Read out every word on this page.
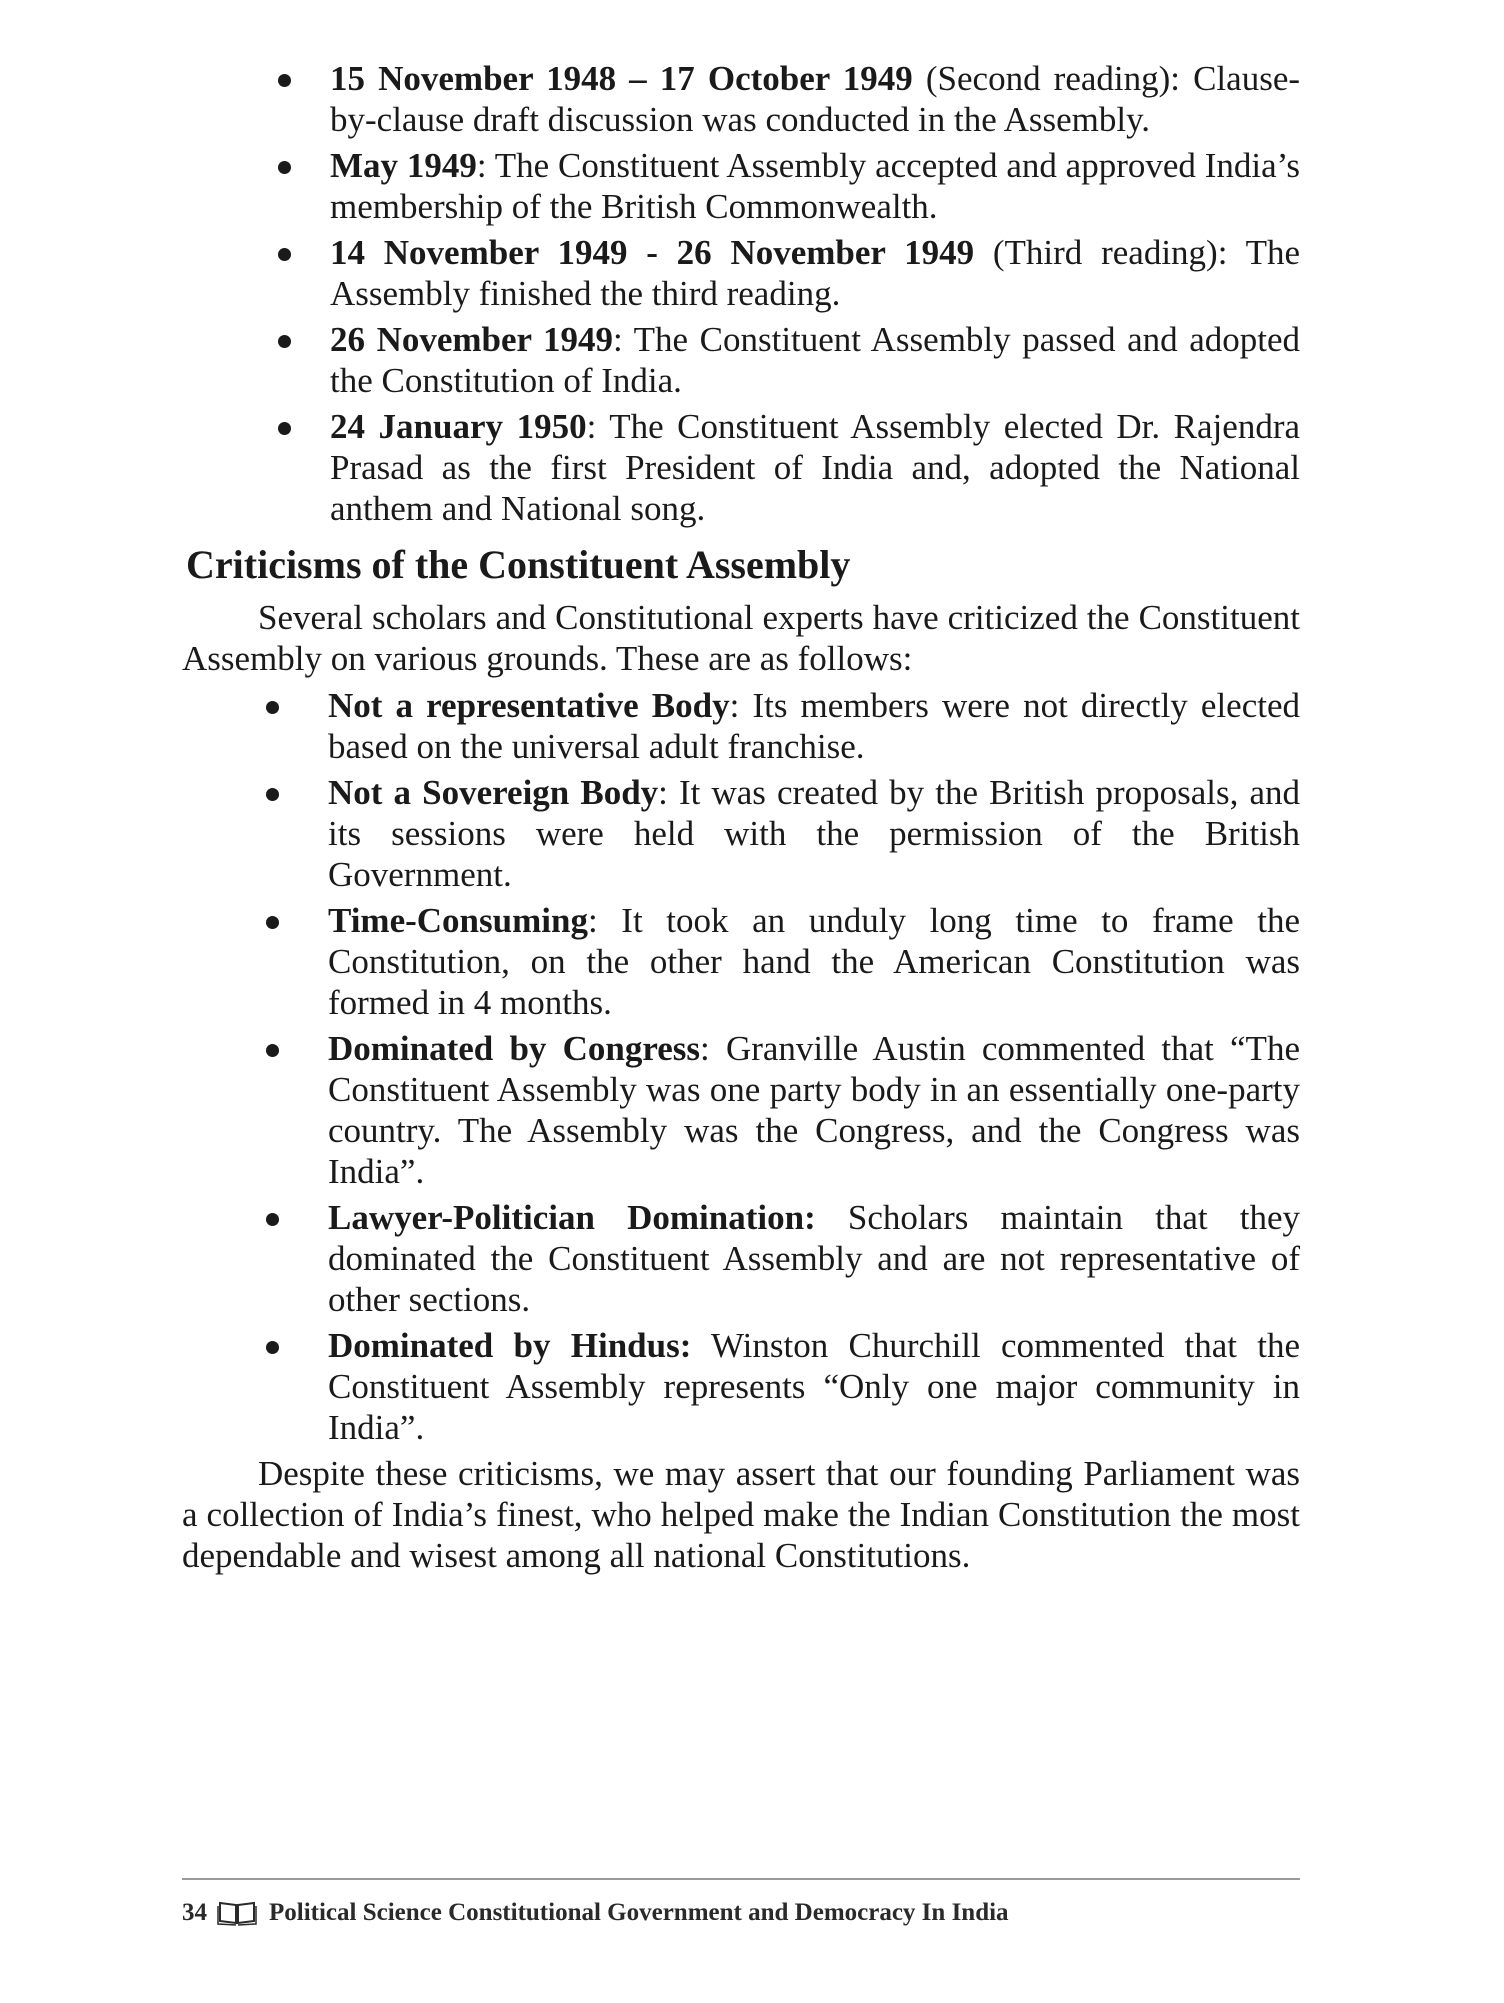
15 November 1948 – 17 October 1949 (Second reading): Clause-by-clause draft discussion was conducted in the Assembly.
May 1949: The Constituent Assembly accepted and approved India’s membership of the British Commonwealth.
14 November 1949 - 26 November 1949 (Third reading): The Assembly finished the third reading.
26 November 1949: The Constituent Assembly passed and adopted the Constitution of India.
24 January 1950: The Constituent Assembly elected Dr. Rajendra Prasad as the first President of India and, adopted the National anthem and National song.
Criticisms of the Constituent Assembly

Several scholars and Constitutional experts have criticized the Constituent Assembly on various grounds. These are as follows:

Not a representative Body: Its members were not directly elected based on the universal adult franchise.
Not a Sovereign Body: It was created by the British proposals, and its sessions were held with the permission of the British Government.
Time-Consuming: It took an unduly long time to frame the Constitution, on the other hand the American Constitution was formed in 4 months.
Dominated by Congress: Granville Austin commented that “The Constituent Assembly was one party body in an essentially one-party country. The Assembly was the Congress, and the Congress was India”.
Lawyer-Politician Domination: Scholars maintain that they dominated the Constituent Assembly and are not representative of other sections.
Dominated by Hindus: Winston Churchill commented that the Constituent Assembly represents “Only one major community in India”.

Despite these criticisms, we may assert that our founding Parliament was a collection of India’s finest, who helped make the Indian Constitution the most dependable and wisest among all national Constitutions.

34 Political Science Constitutional Government and Democracy In India
